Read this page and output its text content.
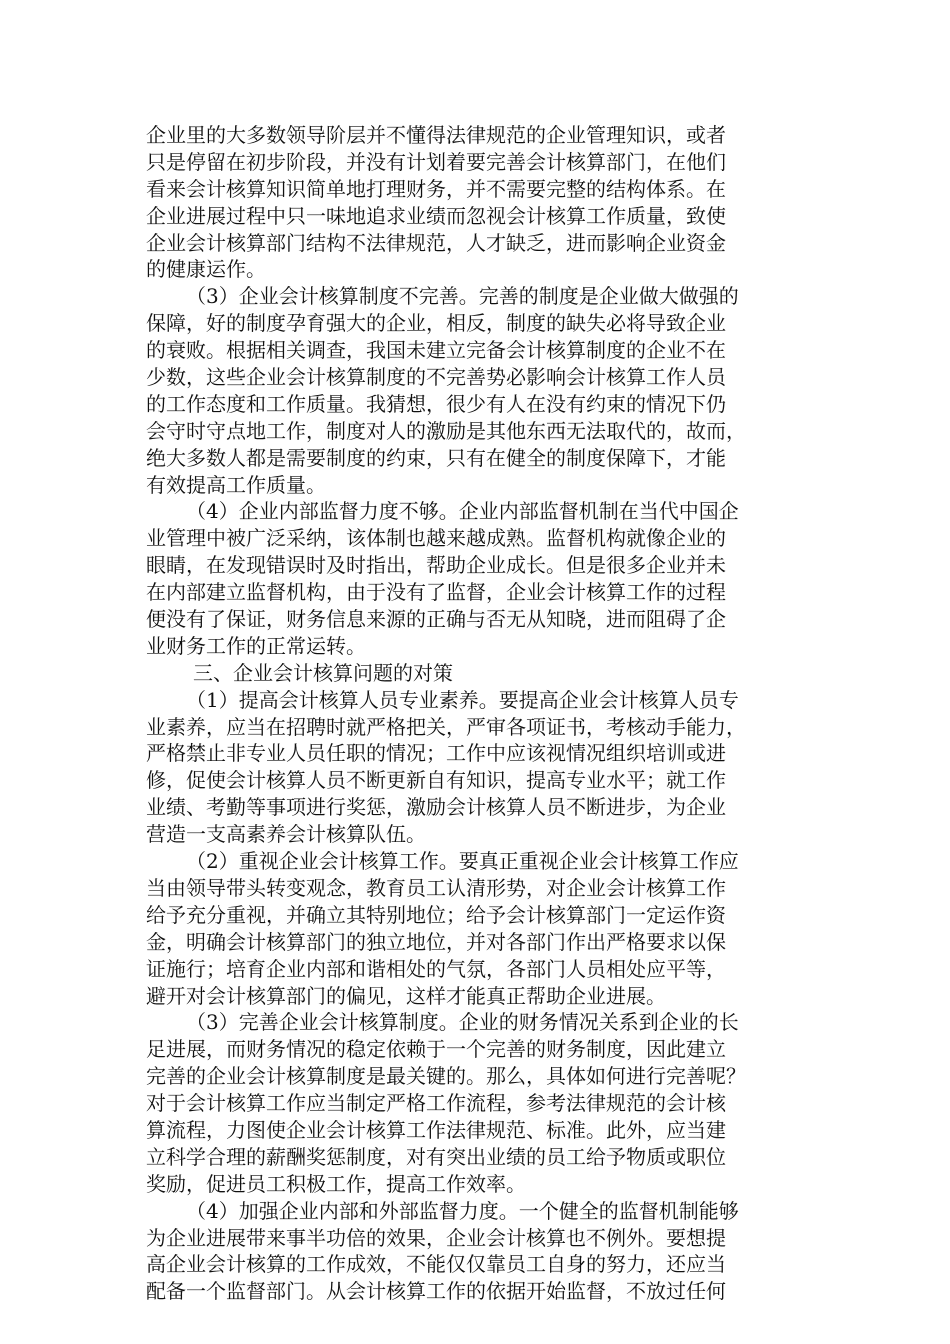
企业里的大多数领导阶层并不懂得法律规范的企业管理知识，或者
只是停留在初步阶段，并没有计划着要完善会计核算部门，在他们
看来会计核算知识简单地打理财务，并不需要完整的结构体系。在
企业进展过程中只一味地追求业绩而忽视会计核算工作质量，致使
企业会计核算部门结构不法律规范，人才缺乏，进而影响企业资金
的健康运作。
（3）企业会计核算制度不完善。完善的制度是企业做大做强的
保障，好的制度孕育强大的企业，相反，制度的缺失必将导致企业
的衰败。根据相关调查，我国未建立完备会计核算制度的企业不在
少数，这些企业会计核算制度的不完善势必影响会计核算工作人员
的工作态度和工作质量。我猜想，很少有人在没有约束的情况下仍
会守时守点地工作，制度对人的激励是其他东西无法取代的，故而，
绝大多数人都是需要制度的约束，只有在健全的制度保障下，才能
有效提高工作质量。
（4）企业内部监督力度不够。企业内部监督机制在当代中国企
业管理中被广泛采纳，该体制也越来越成熟。监督机构就像企业的
眼睛，在发现错误时及时指出，帮助企业成长。但是很多企业并未
在内部建立监督机构，由于没有了监督，企业会计核算工作的过程
便没有了保证，财务信息来源的正确与否无从知晓，进而阻碍了企
业财务工作的正常运转。
三、企业会计核算问题的对策
（1）提高会计核算人员专业素养。要提高企业会计核算人员专
业素养，应当在招聘时就严格把关，严审各项证书，考核动手能力，
严格禁止非专业人员任职的情况；工作中应该视情况组织培训或进
修，促使会计核算人员不断更新自有知识，提高专业水平；就工作
业绩、考勤等事项进行奖惩，激励会计核算人员不断进步，为企业
营造一支高素养会计核算队伍。
（2）重视企业会计核算工作。要真正重视企业会计核算工作应
当由领导带头转变观念，教育员工认清形势，对企业会计核算工作
给予充分重视，并确立其特别地位；给予会计核算部门一定运作资
金，明确会计核算部门的独立地位，并对各部门作出严格要求以保
证施行；培育企业内部和谐相处的气氛，各部门人员相处应平等，
避开对会计核算部门的偏见，这样才能真正帮助企业进展。
（3）完善企业会计核算制度。企业的财务情况关系到企业的长
足进展，而财务情况的稳定依赖于一个完善的财务制度，因此建立
完善的企业会计核算制度是最关键的。那么，具体如何进行完善呢？
对于会计核算工作应当制定严格工作流程，参考法律规范的会计核
算流程，力图使企业会计核算工作法律规范、标准。此外，应当建
立科学合理的薪酬奖惩制度，对有突出业绩的员工给予物质或职位
奖励，促进员工积极工作，提高工作效率。
（4）加强企业内部和外部监督力度。一个健全的监督机制能够
为企业进展带来事半功倍的效果，企业会计核算也不例外。要想提
高企业会计核算的工作成效，不能仅仅靠员工自身的努力，还应当
配备一个监督部门。从会计核算工作的依据开始监督，不放过任何
